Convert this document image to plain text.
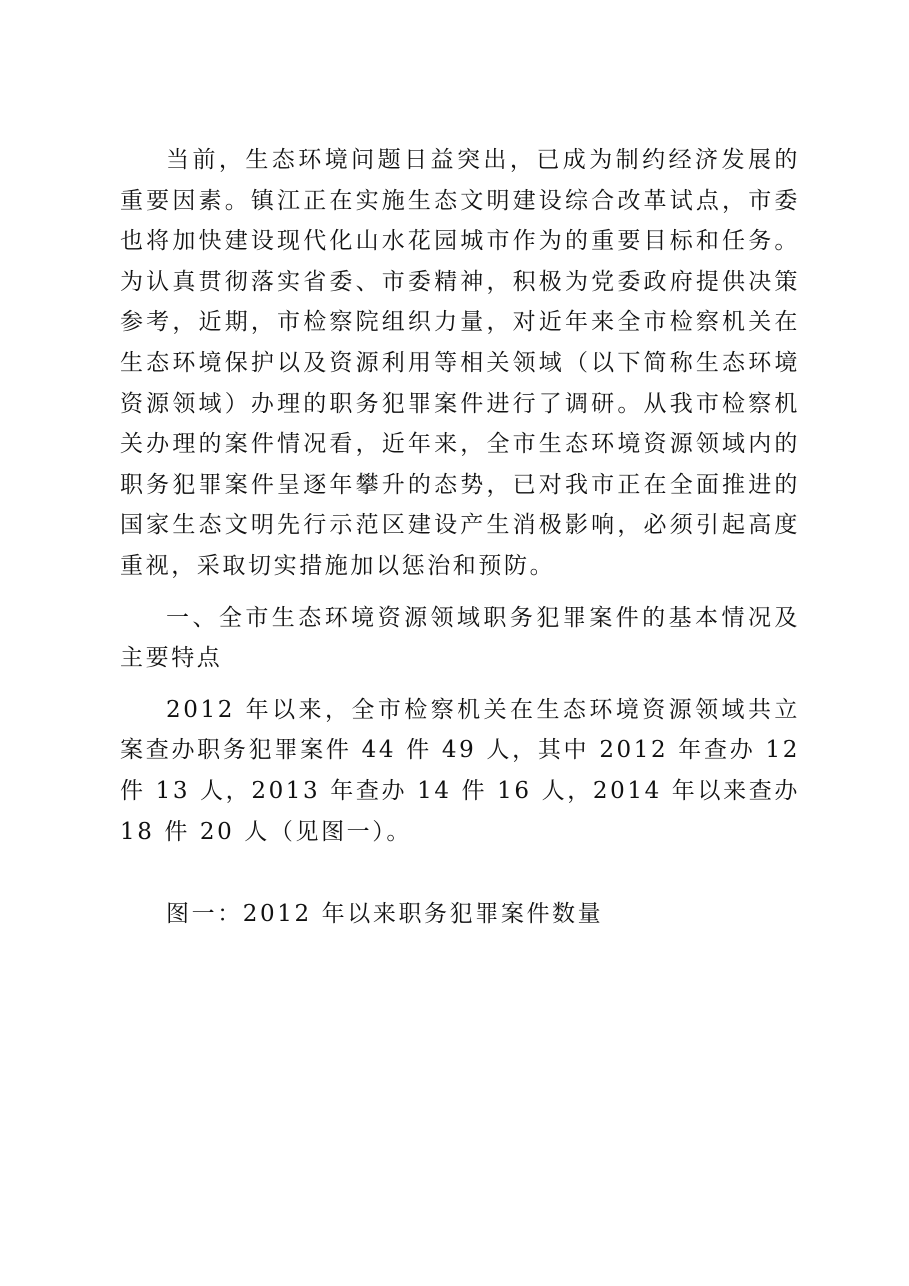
当前，生态环境问题日益突出，已成为制约经济发展的重要因素。镇江正在实施生态文明建设综合改革试点，市委也将加快建设现代化山水花园城市作为的重要目标和任务。为认真贯彻落实省委、市委精神，积极为党委政府提供决策参考，近期，市检察院组织力量，对近年来全市检察机关在生态环境保护以及资源利用等相关领域（以下简称生态环境资源领域）办理的职务犯罪案件进行了调研。从我市检察机关办理的案件情况看，近年来，全市生态环境资源领域内的职务犯罪案件呈逐年攀升的态势，已对我市正在全面推进的国家生态文明先行示范区建设产生消极影响，必须引起高度重视，采取切实措施加以惩治和预防。

一、全市生态环境资源领域职务犯罪案件的基本情况及主要特点

2012 年以来，全市检察机关在生态环境资源领域共立案查办职务犯罪案件 44 件 49 人，其中 2012 年查办 12 件 13 人，2013 年查办 14 件 16 人，2014 年以来查办 18 件 20 人（见图一）。

图一：2012 年以来职务犯罪案件数量
